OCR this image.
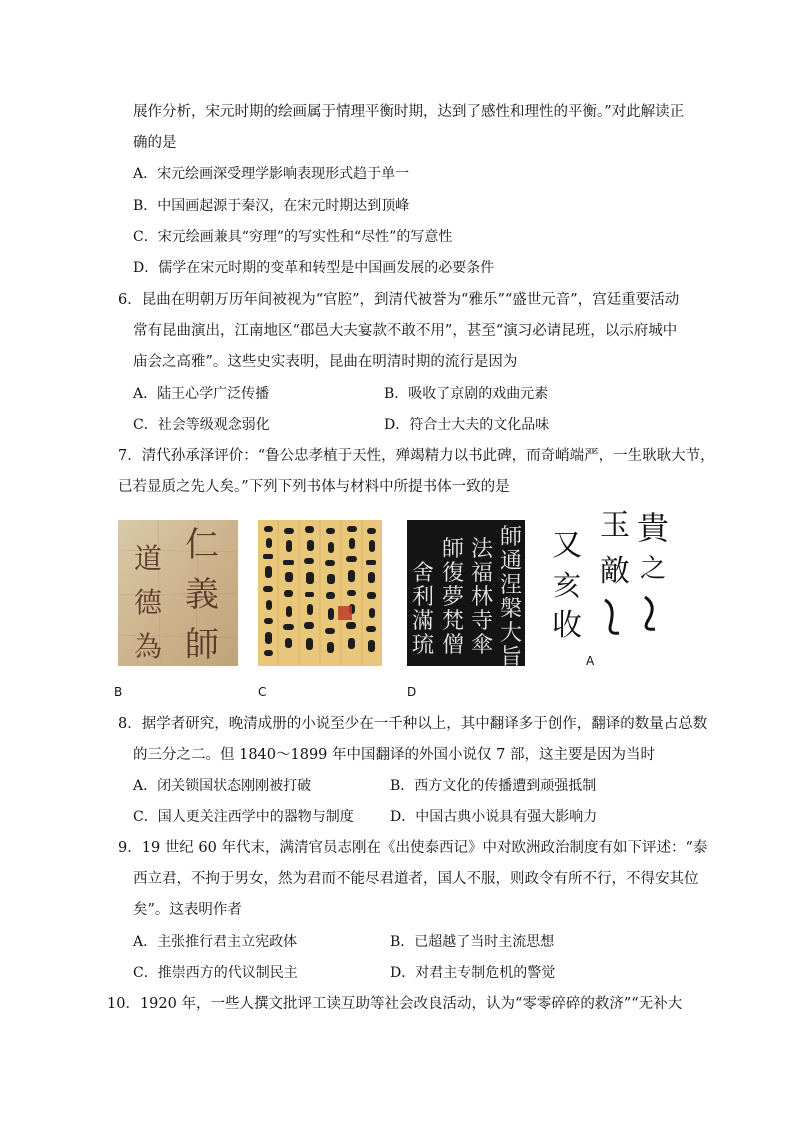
展作分析，宋元时期的绘画属于情理平衡时期，达到了感性和理性的平衡。”对此解读正
确的是
A．宋元绘画深受理学影响表现形式趋于单一
B．中国画起源于秦汉，在宋元时期达到顶峰
C．宋元绘画兼具“穷理”的写实性和“尽性”的写意性
D．儒学在宋元时期的变革和转型是中国画发展的必要条件
6．昆曲在明朝万历年间被视为“官腔”，到清代被誉为“雅乐”“盛世元音”，宫廷重要活动
常有昆曲演出，江南地区“郡邑大夫宴款不敢不用”，甚至“演习必请昆班，以示府城中
庙会之高雅”。这些史实表明，昆曲在明清时期的流行是因为
A．陆王心学广泛传播	B．吸收了京剧的戏曲元素
C．社会等级观念弱化	D．符合士大夫的文化品味
7．清代孙承泽评价：“鲁公忠孝植于天性，殚竭精力以书此碑，而奇峭端严，一生耿耿大节，
已若显质之先人矣。”下列下列书体与材料中所提书体一致的是
仁
義
道
德
為 師
B	C
師
通
涅
槃
大
旨
法
福
林
寺
傘
師
復
夢
梵
僧
舍
利
滿
琉
D
貴
玉
之
敵
又
亥
收
A
8．据学者研究，晚清成册的小说至少在一千种以上，其中翻译多于创作，翻译的数量占总数
的三分之二。但 1840～1899 年中国翻译的外国小说仅 7 部，这主要是因为当时
A．闭关锁国状态刚刚被打破	B．西方文化的传播遭到顽强抵制
C．国人更关注西学中的器物与制度	D．中国古典小说具有强大影响力
9．19 世纪 60 年代末，满清官员志刚在《出使泰西记》中对欧洲政治制度有如下评述：“泰
西立君，不拘于男女，然为君而不能尽君道者，国人不服，则政令有所不行，不得安其位
矣”。这表明作者
A．主张推行君主立宪政体	B．已超越了当时主流思想
C．推崇西方的代议制民主	D．对君主专制危机的警觉
10．1920 年，一些人撰文批评工读互助等社会改良活动，认为“零零碎碎的救济”“无补大
